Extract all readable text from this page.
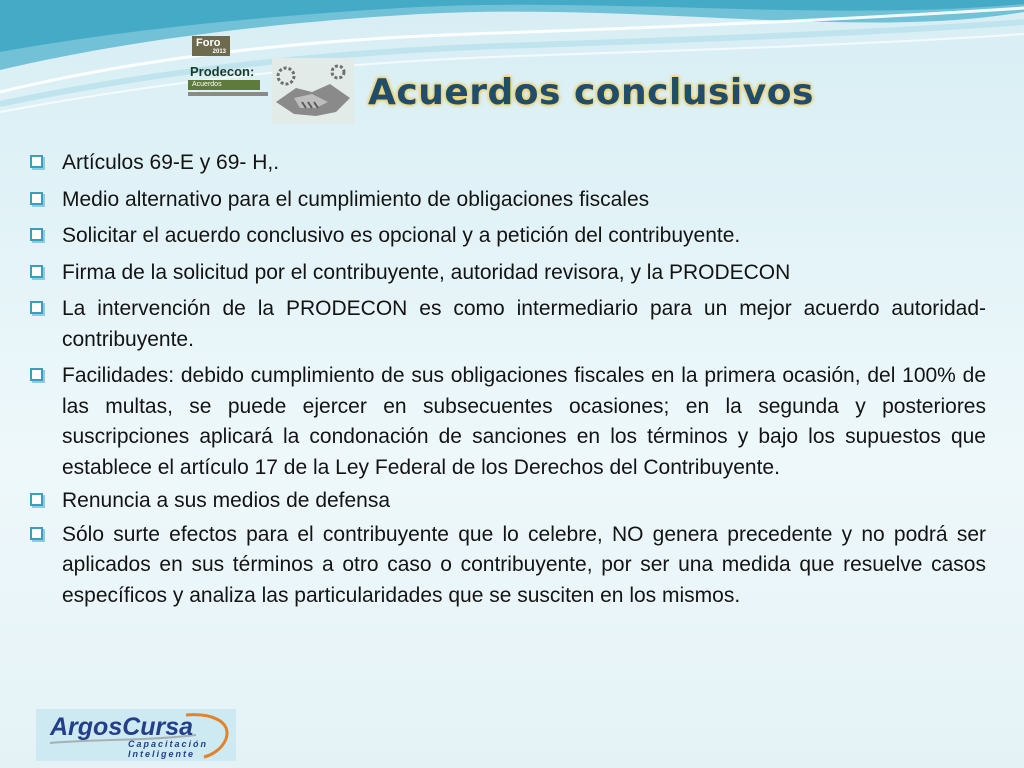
Foro
2013
Prodecon:
Acuerdos	Acuerdos conclusivos
Artículos 69-E y 69- H,.
Medio alternativo para el cumplimiento de obligaciones fiscales
Solicitar el acuerdo conclusivo es opcional y a petición del contribuyente.
Firma de la solicitud por el contribuyente, autoridad revisora, y la PRODECON
La intervención de la PRODECON es como intermediario para un mejor acuerdo autoridad- contribuyente.
Facilidades: debido cumplimiento de sus obligaciones fiscales en la primera ocasión, del 100% de las multas, se puede ejercer en subsecuentes ocasiones; en la segunda y posteriores suscripciones aplicará la condonación de sanciones en los términos y bajo los supuestos que establece el artículo 17 de la Ley Federal de los Derechos del Contribuyente.
Renuncia a sus medios de defensa
Sólo surte efectos para el contribuyente que lo celebre, NO genera precedente y no podrá ser aplicados en sus términos a otro caso o contribuyente, por ser una medida que resuelve casos específicos y analiza las particularidades que se susciten en los mismos.
ArgosCursa
Capacitación
Inteligente
